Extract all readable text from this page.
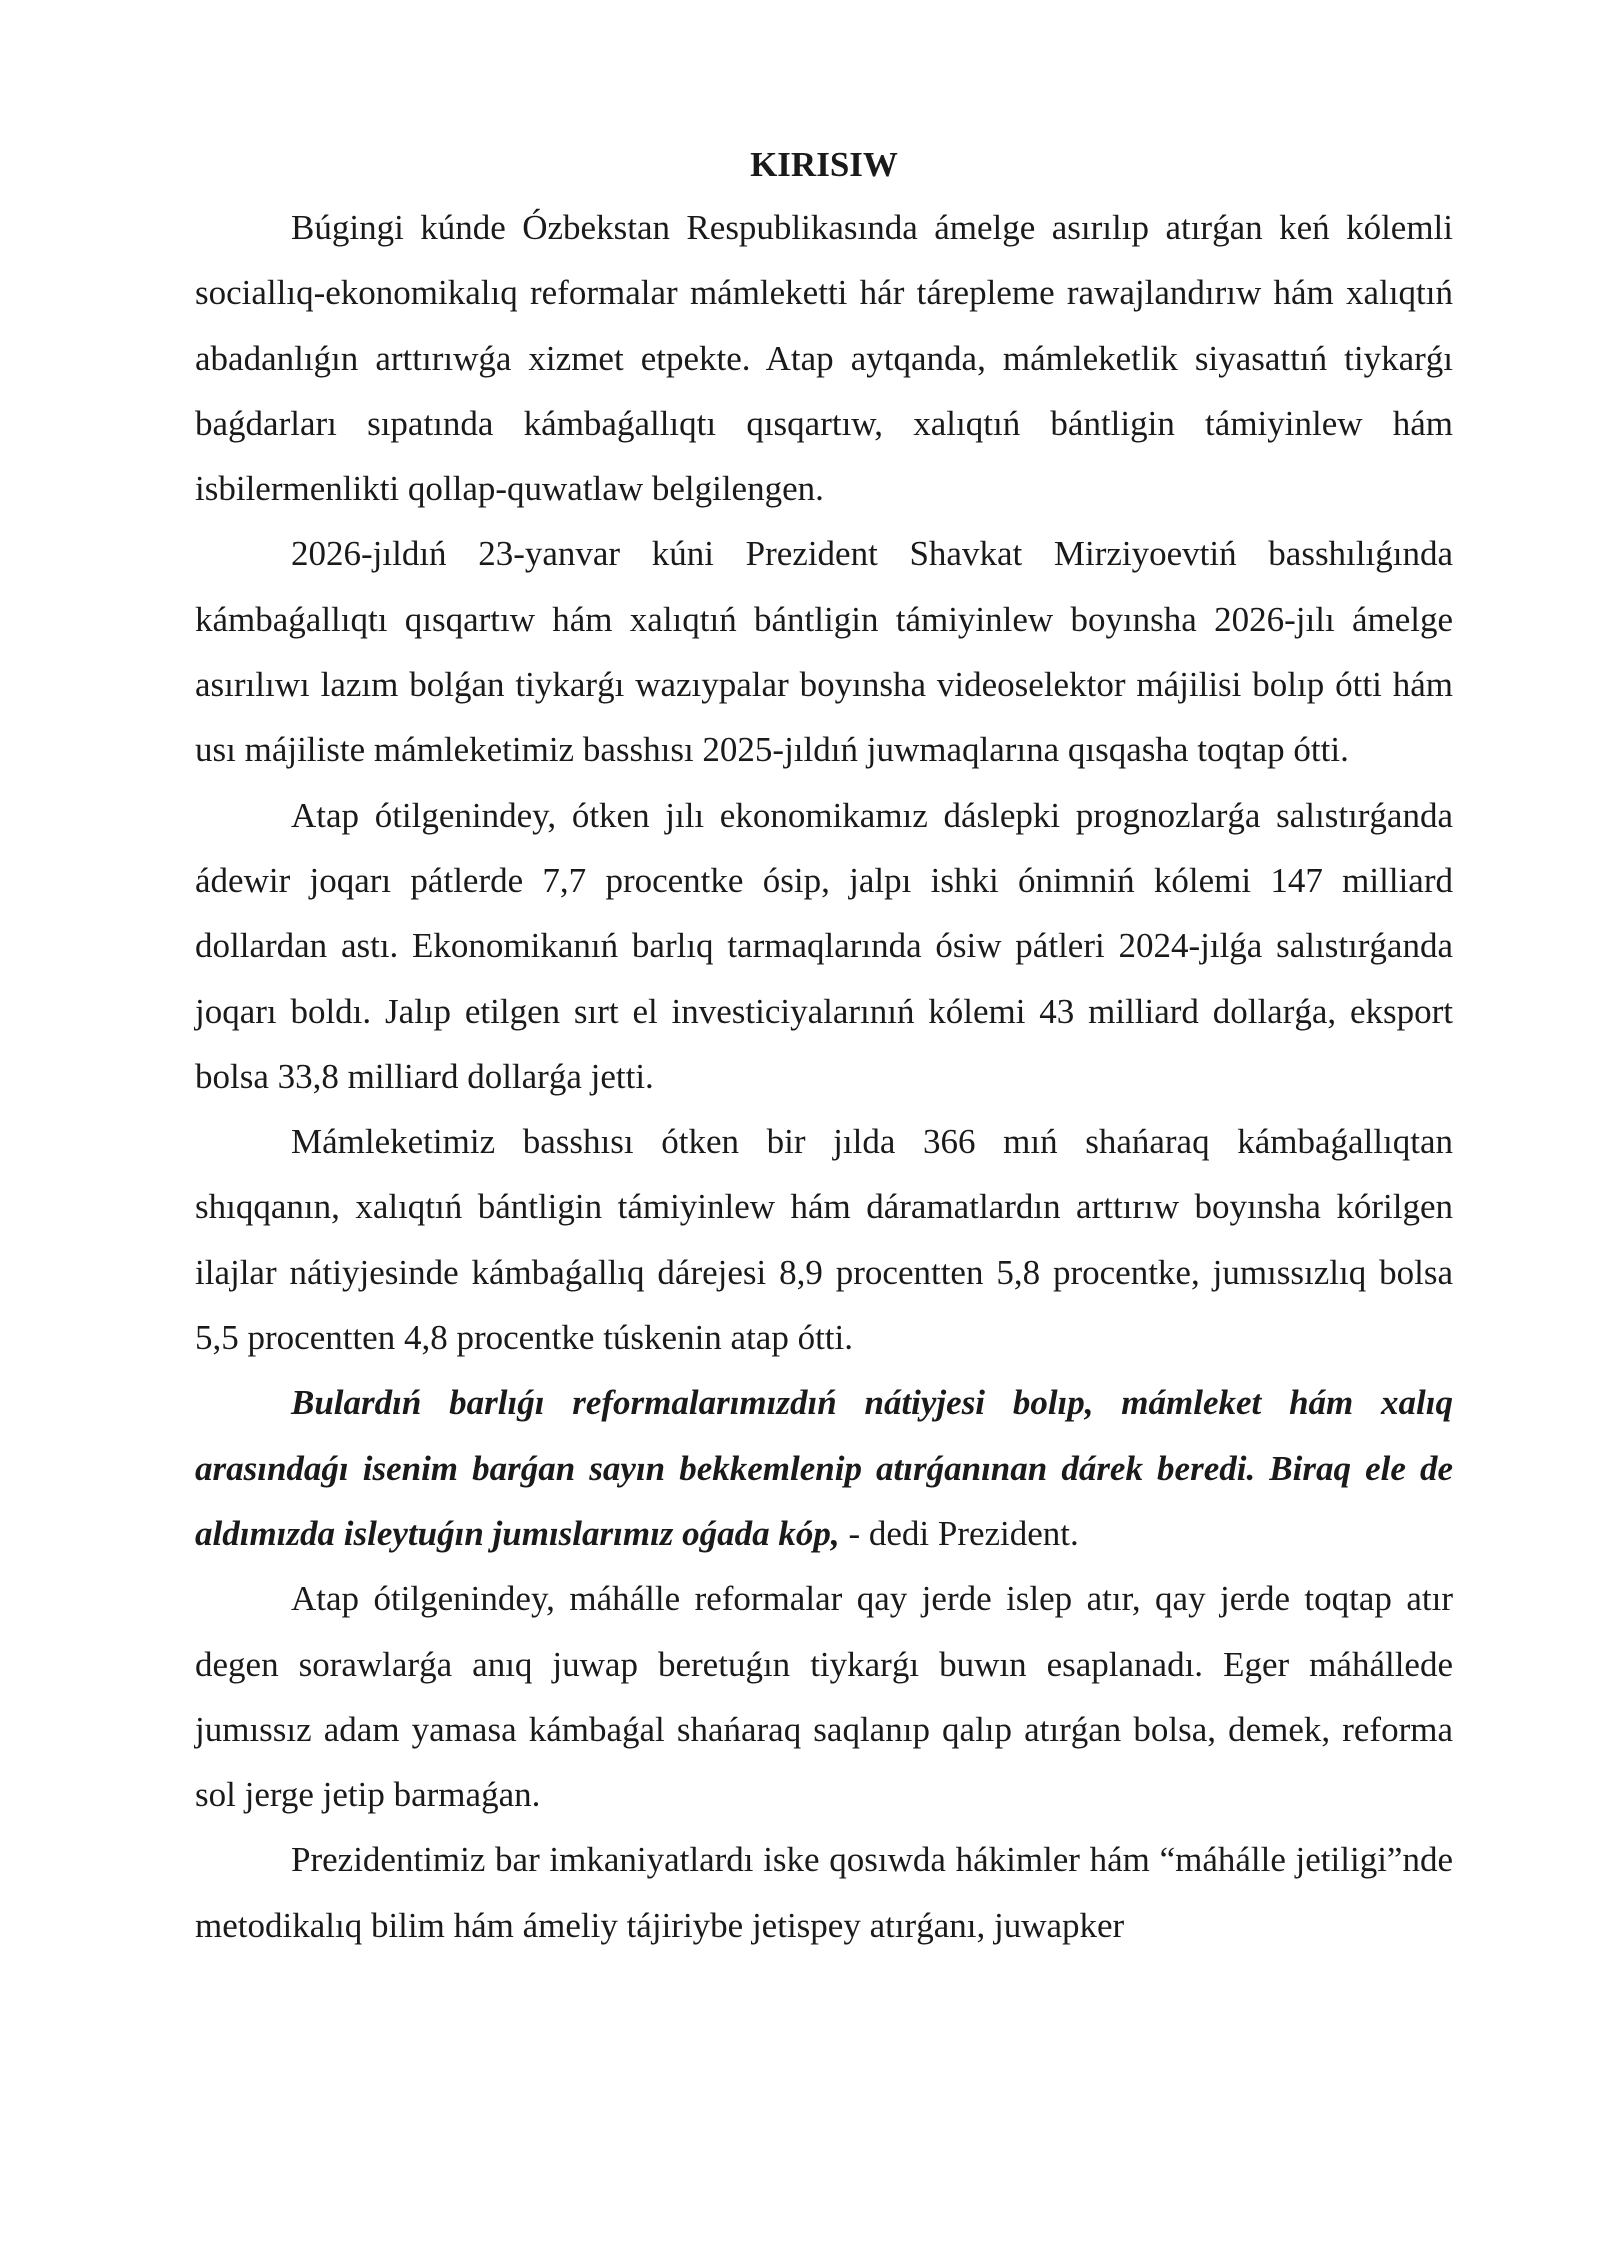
KIRISIW

Búgingi kúnde Ózbekstan Respublikasında ámelge asırılıp atırǵan keń kólemli sociallıq-ekonomikalıq reformalar mámleketti hár tárepleme rawajlandırıw hám xalıqtıń abadanlıǵın arttırıwǵa xizmet etpekte. Atap aytqanda, mámleketlik siyasattıń tiykarǵı baǵdarları sıpatında kámbaǵallıqtı qısqartıw, xalıqtıń bántligin támiyinlew hám isbilermenlikti qollap-quwatlaw belgilengen.

2026-jıldıń 23-yanvar kúni Prezident Shavkat Mirziyoevtiń basshılıǵında kámbaǵallıqtı qısqartıw hám xalıqtıń bántligin támiyinlew boyınsha 2026-jılı ámelge asırılıwı lazım bolǵan tiykarǵı wazıypalar boyınsha videoselektor májilisi bolıp ótti hám usı májiliste mámleketimiz basshısı 2025-jıldıń juwmaqlarına qısqasha toqtap ótti.

Atap ótilgenindey, ótken jılı ekonomikamız dáslepki prognozlarǵa salıstırǵanda ádewir joqarı pátlerde 7,7 procentke ósip, jalpı ishki ónimniń kólemi 147 milliard dollardan astı. Ekonomikanıń barlıq tarmaqlarında ósiw pátleri 2024-jılǵa salıstırǵanda joqarı boldı. Jalıp etilgen sırt el investiciyalarınıń kólemi 43 milliard dollarǵa, eksport bolsa 33,8 milliard dollarǵa jetti.

Mámleketimiz basshısı ótken bir jılda 366 mıń shańaraq kámbaǵallıqtan shıqqanın, xalıqtıń bántligin támiyinlew hám dáramatlardın arttırıw boyınsha kórilgen ilajlar nátiyjesinde kámbaǵallıq dárejesi 8,9 procentten 5,8 procentke, jumıssızlıq bolsa 5,5 procentten 4,8 procentke túskenin atap ótti.

Bulardıń barlıǵı reformalarımızdıń nátiyjesi bolıp, mámleket hám xalıq arasındaǵı isenim barǵan sayın bekkemlenip atırǵanınan dárek beredi. Biraq ele de aldımızda isleytuǵın jumıslarımız oǵada kóp, - dedi Prezident.

Atap ótilgenindey, máhálle reformalar qay jerde islep atır, qay jerde toqtap atır degen sorawlarǵa anıq juwap beretuǵın tiykarǵı buwın esaplanadı. Eger máhállede jumıssız adam yamasa kámbaǵal shańaraq saqlanıp qalıp atırǵan bolsa, demek, reforma sol jerge jetip barmaǵan.

Prezidentimiz bar imkaniyatlardı iske qosıwda hákimler hám “máhálle jetiligi”nde metodikalıq bilim hám ámeliy tájiriybe jetispey atırǵanı, juwapker
